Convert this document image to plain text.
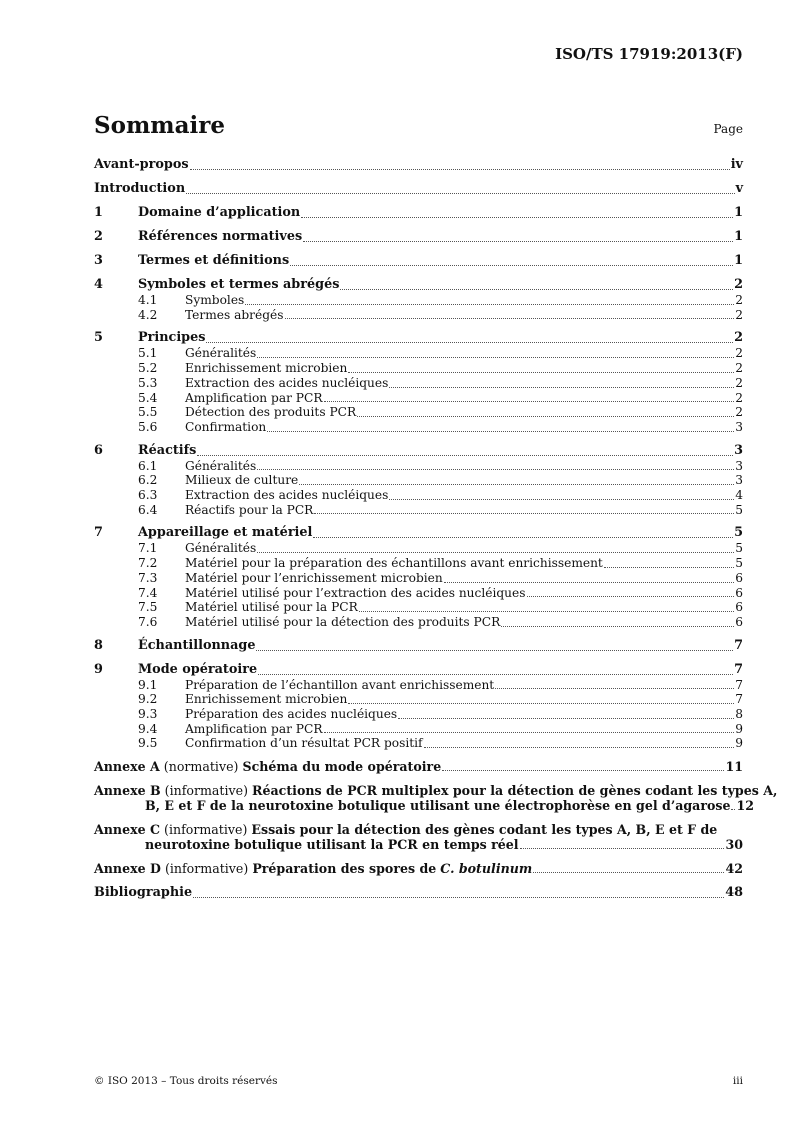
ISO/TS 17919:2013(F)
Sommaire	Page
Avant-propos	iv
Introduction	v
1	Domaine d’application	1
2	Références normatives	1
3	Termes et définitions	1
4	Symboles et termes abrégés	2
4.1	Symboles	2
4.2	Termes abrégés	2
5	Principes	2
5.1	Généralités	2
5.2	Enrichissement microbien	2
5.3	Extraction des acides nucléiques	2
5.4	Amplification par PCR	2
5.5	Détection des produits PCR	2
5.6	Confirmation	3
6	Réactifs	3
6.1	Généralités	3
6.2	Milieux de culture	3
6.3	Extraction des acides nucléiques	4
6.4	Réactifs pour la PCR	5
7	Appareillage et matériel	5
7.1	Généralités	5
7.2	Matériel pour la préparation des échantillons avant enrichissement	5
7.3	Matériel pour l’enrichissement microbien	6
7.4	Matériel utilisé pour l’extraction des acides nucléiques	6
7.5	Matériel utilisé pour la PCR	6
7.6	Matériel utilisé pour la détection des produits PCR	6
8	Échantillonnage	7
9	Mode opératoire	7
9.1	Préparation de l’échantillon avant enrichissement	7
9.2	Enrichissement microbien	7
9.3	Préparation des acides nucléiques	8
9.4	Amplification par PCR	9
9.5	Confirmation d’un résultat PCR positif	9
Annexe A (normative) Schéma du mode opératoire	11
Annexe B (informative) Réactions de PCR multiplex pour la détection de gènes codant les types A,
B, E et F de la neurotoxine botulique utilisant une électrophorèse en gel d’agarose 12
Annexe C (informative) Essais pour la détection des gènes codant les types A, B, E et F de
neurotoxine botulique utilisant la PCR en temps réel	30
Annexe D (informative) Préparation des spores de C. botulinum	42
Bibliographie	48
© ISO 2013 – Tous droits réservés	iii
